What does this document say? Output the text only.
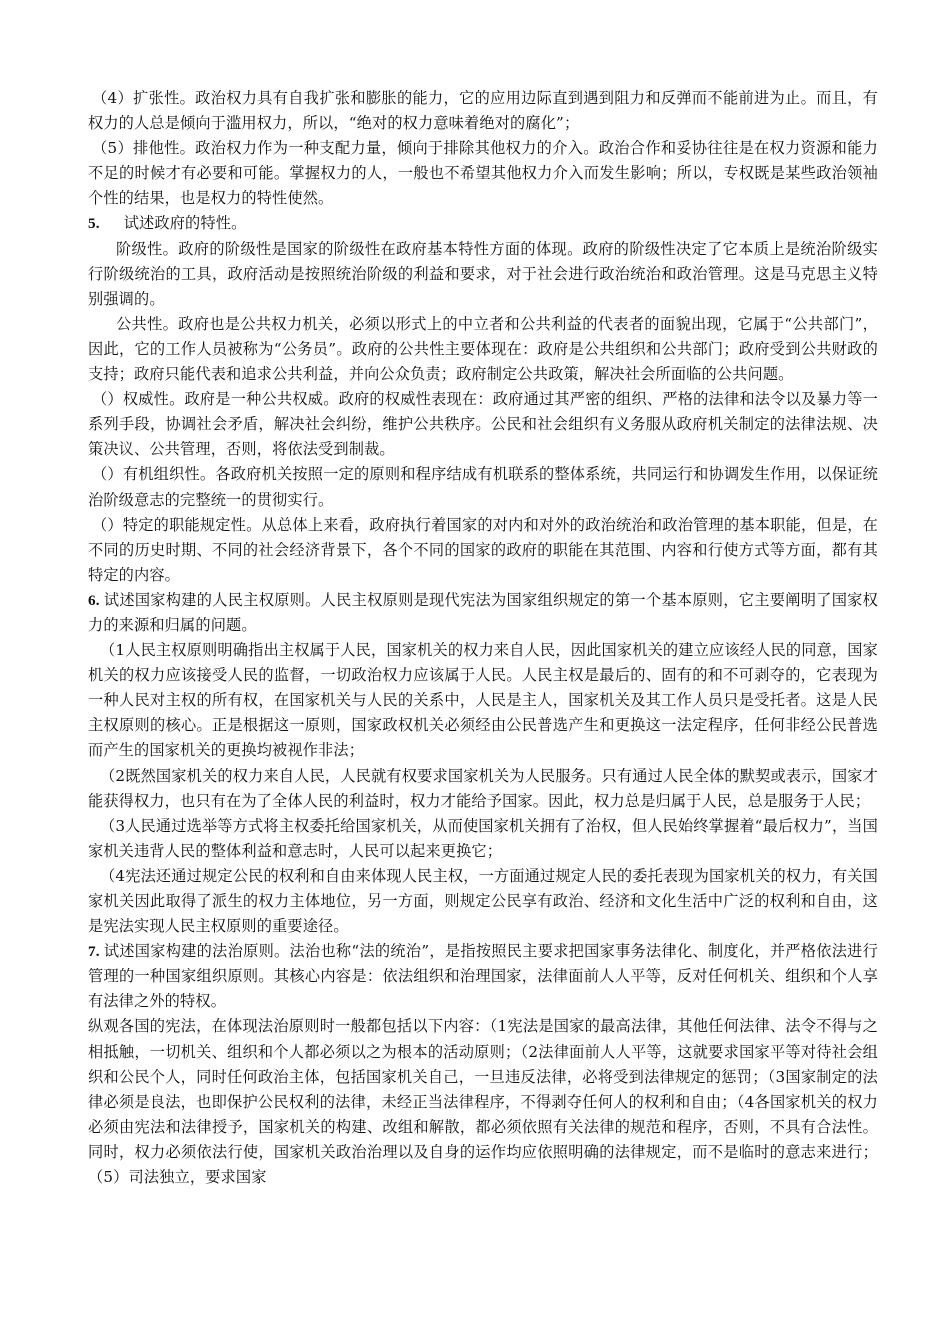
（4）扩张性。政治权力具有自我扩张和膨胀的能力，它的应用边际直到遇到阻力和反弹而不能前进为止。而且，有权力的人总是倾向于滥用权力，所以，“绝对的权力意味着绝对的腐化”；

（5）排他性。政治权力作为一种支配力量，倾向于排除其他权力的介入。政治合作和妥协往往是在权力资源和能力不足的时候才有必要和可能。掌握权力的人，一般也不希望其他权力介入而发生影响；所以，专权既是某些政治领袖个性的结果，也是权力的特性使然。

5. 试述政府的特性。

阶级性。政府的阶级性是国家的阶级性在政府基本特性方面的体现。政府的阶级性决定了它本质上是统治阶级实行阶级统治的工具，政府活动是按照统治阶级的利益和要求，对于社会进行政治统治和政治管理。这是马克思主义特别强调的。

公共性。政府也是公共权力机关，必须以形式上的中立者和公共利益的代表者的面貌出现，它属于“公共部门”，因此，它的工作人员被称为“公务员”。政府的公共性主要体现在：政府是公共组织和公共部门；政府受到公共财政的支持；政府只能代表和追求公共利益，并向公众负责；政府制定公共政策，解决社会所面临的公共问题。

（）权威性。政府是一种公共权威。政府的权威性表现在：政府通过其严密的组织、严格的法律和法令以及暴力等一系列手段，协调社会矛盾，解决社会纠纷，维护公共秩序。公民和社会组织有义务服从政府机关制定的法律法规、决策决议、公共管理，否则，将依法受到制裁。

（）有机组织性。各政府机关按照一定的原则和程序结成有机联系的整体系统，共同运行和协调发生作用，以保证统治阶级意志的完整统一的贯彻实行。

（）特定的职能规定性。从总体上来看，政府执行着国家的对内和对外的政治统治和政治管理的基本职能，但是，在不同的历史时期、不同的社会经济背景下，各个不同的国家的政府的职能在其范围、内容和行使方式等方面，都有其特定的内容。

6. 试述国家构建的人民主权原则。人民主权原则是现代宪法为国家组织规定的第一个基本原则，它主要阐明了国家权力的来源和归属的问题。

（1人民主权原则明确指出主权属于人民，国家机关的权力来自人民，因此国家机关的建立应该经人民的同意，国家机关的权力应该接受人民的监督，一切政治权力应该属于人民。人民主权是最后的、固有的和不可剥夺的，它表现为一种人民对主权的所有权，在国家机关与人民的关系中，人民是主人，国家机关及其工作人员只是受托者。这是人民主权原则的核心。正是根据这一原则，国家政权机关必须经由公民普选产生和更换这一法定程序，任何非经公民普选而产生的国家机关的更换均被视作非法；

（2既然国家机关的权力来自人民，人民就有权要求国家机关为人民服务。只有通过人民全体的默契或表示，国家才能获得权力，也只有在为了全体人民的利益时，权力才能给予国家。因此，权力总是归属于人民，总是服务于人民；

（3人民通过选举等方式将主权委托给国家机关，从而使国家机关拥有了治权，但人民始终掌握着“最后权力”，当国家机关违背人民的整体利益和意志时，人民可以起来更换它；

（4宪法还通过规定公民的权利和自由来体现人民主权，一方面通过规定人民的委托表现为国家机关的权力，有关国家机关因此取得了派生的权力主体地位，另一方面，则规定公民享有政治、经济和文化生活中广泛的权利和自由，这是宪法实现人民主权原则的重要途径。

7. 试述国家构建的法治原则。法治也称“法的统治”，是指按照民主要求把国家事务法律化、制度化，并严格依法进行管理的一种国家组织原则。其核心内容是：依法组织和治理国家，法律面前人人平等，反对任何机关、组织和个人享有法律之外的特权。

纵观各国的宪法，在体现法治原则时一般都包括以下内容：（1宪法是国家的最高法律，其他任何法律、法令不得与之相抵触，一切机关、组织和个人都必须以之为根本的活动原则；（2法律面前人人平等，这就要求国家平等对待社会组织和公民个人，同时任何政治主体，包括国家机关自己，一旦违反法律，必将受到法律规定的惩罚；（3国家制定的法律必须是良法，也即保护公民权利的法律，未经正当法律程序，不得剥夺任何人的权利和自由；（4各国家机关的权力必须由宪法和法律授予，国家机关的构建、改组和解散，都必须依照有关法律的规范和程序，否则，不具有合法性。同时，权力必须依法行使，国家机关政治治理以及自身的运作均应依照明确的法律规定，而不是临时的意志来进行；（5）司法独立，要求国家
